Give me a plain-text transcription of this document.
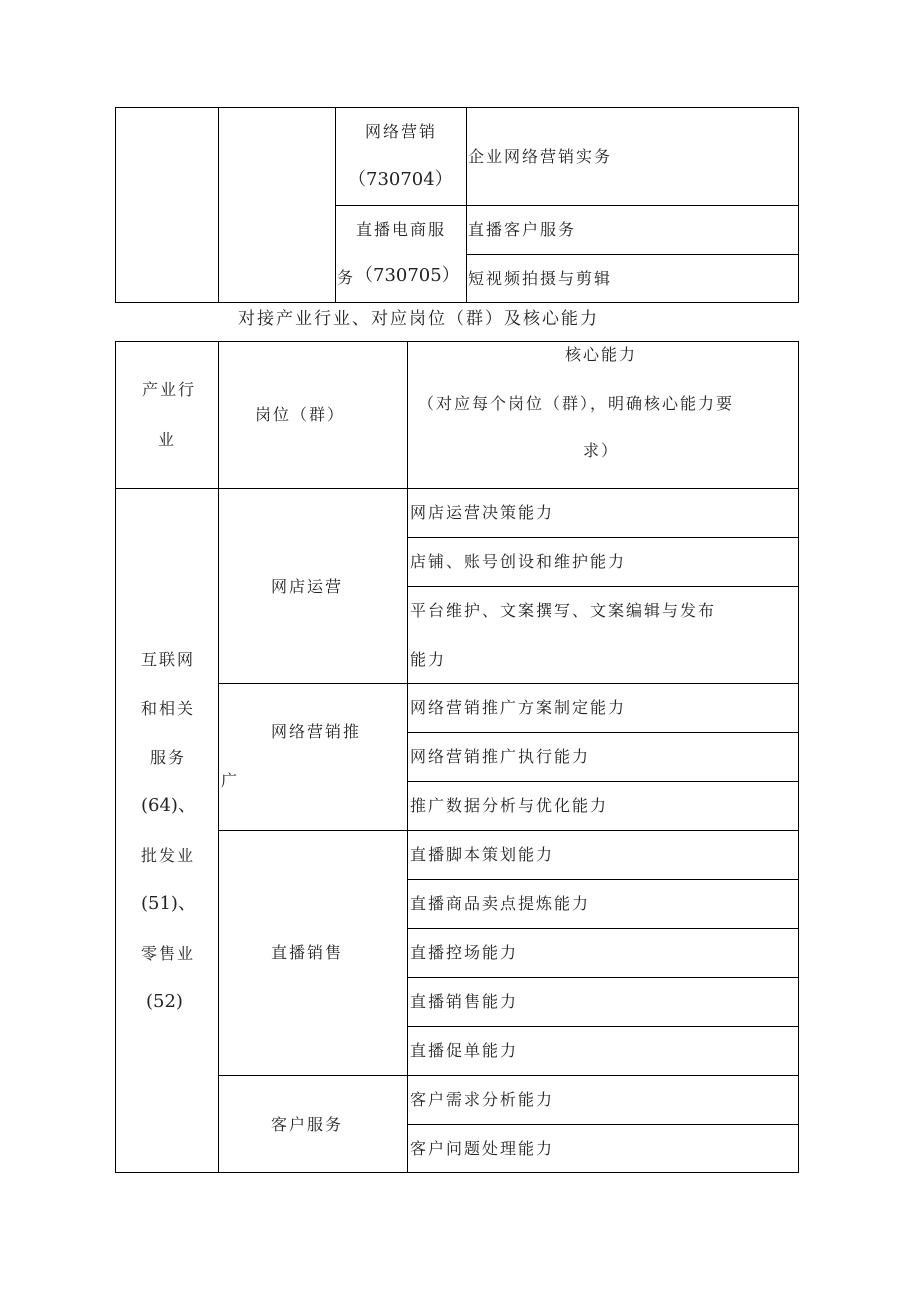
网络营销
（730704）
企业网络营销实务
直播电商服
务 （730705）
直播客户服务
短视频拍摄与剪辑
对接产业行业、对应岗位（群）及核心能力
产业行
业
岗位（群）
核心能力
（对应每个岗位（群），明确核心能力要
求）
互联网
和相关
服务
(64)、
批发业
(51)、
零售业
(52)
网店运营
网络营销推
广
直播销售
客户服务
网店运营决策能力
店铺、账号创设和维护能力
平台维护、文案撰写、文案编辑与发布
能力
网络营销推广方案制定能力
网络营销推广执行能力
推广数据分析与优化能力
直播脚本策划能力
直播商品卖点提炼能力
直播控场能力
直播销售能力
直播促单能力
客户需求分析能力
客户问题处理能力
